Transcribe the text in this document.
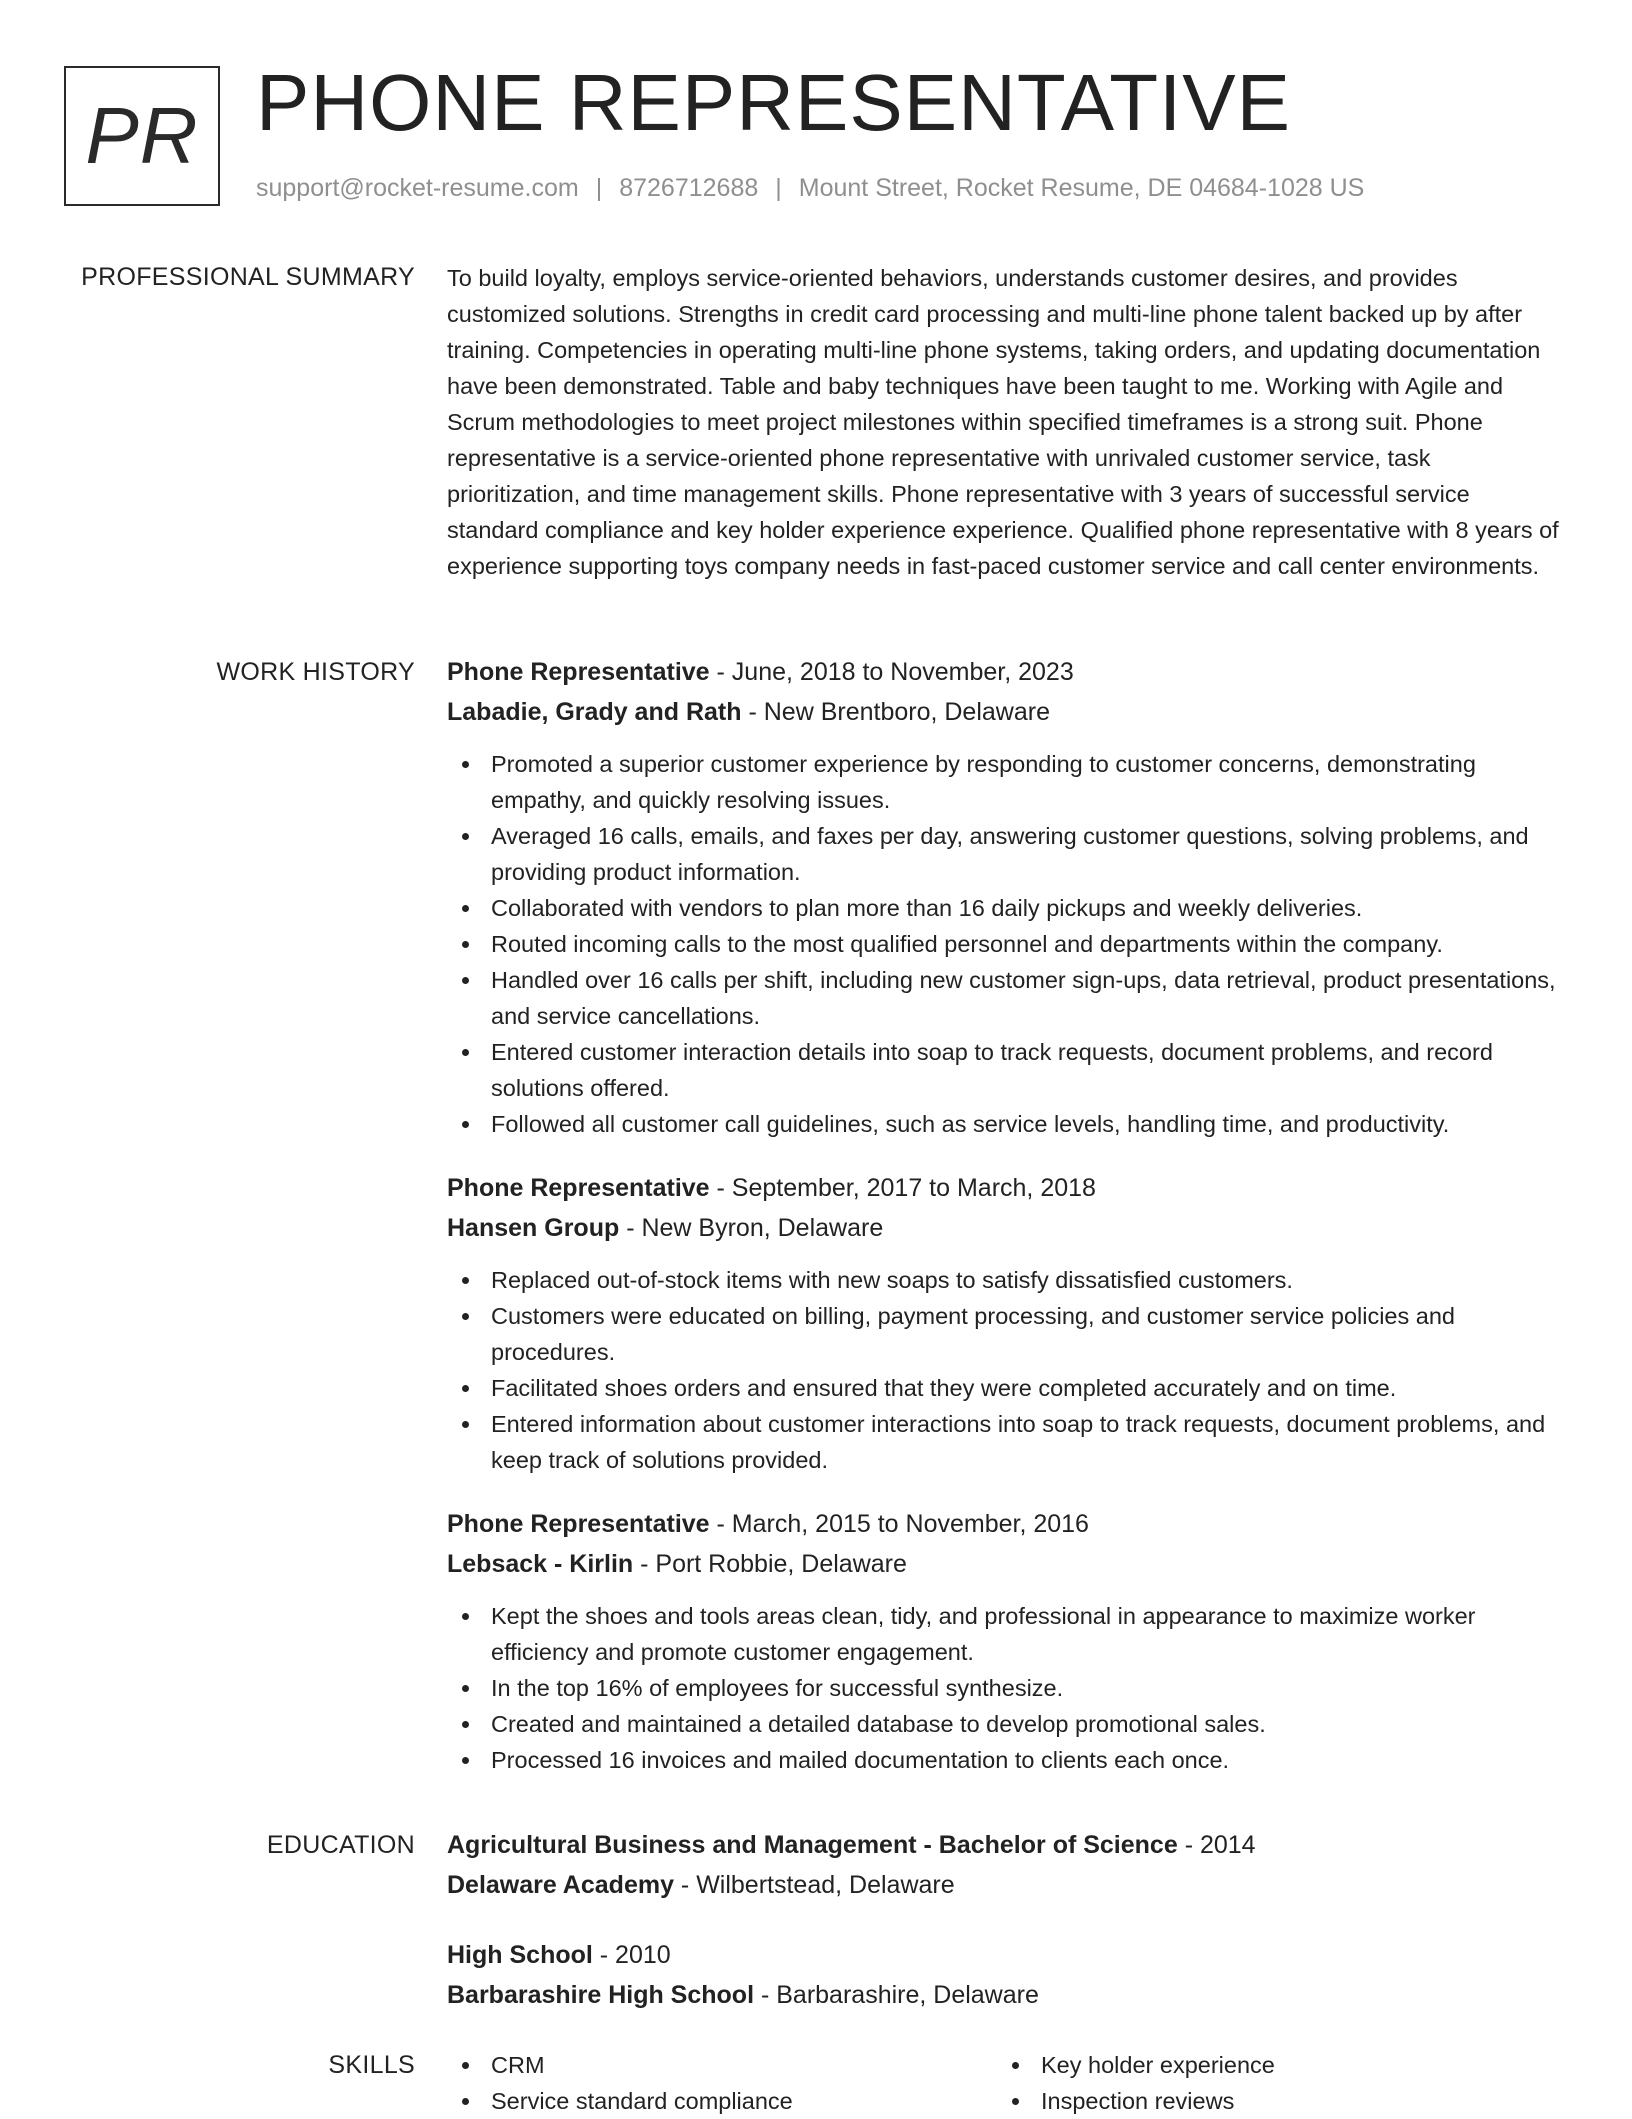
PR PHONE REPRESENTATIVE
support@rocket-resume.com | 8726712688 | Mount Street, Rocket Resume, DE 04684-1028 US
PROFESSIONAL SUMMARY To build loyalty, employs service-oriented behaviors, understands customer desires, and provides customized solutions. Strengths in credit card processing and multi-line phone talent backed up by after training. Competencies in operating multi-line phone systems, taking orders, and updating documentation have been demonstrated. Table and baby techniques have been taught to me. Working with Agile and Scrum methodologies to meet project milestones within specified timeframes is a strong suit. Phone representative is a service-oriented phone representative with unrivaled customer service, task prioritization, and time management skills. Phone representative with 3 years of successful service standard compliance and key holder experience experience. Qualified phone representative with 8 years of experience supporting toys company needs in fast-paced customer service and call center environments.

WORK HISTORY Phone Representative - June, 2018 to November, 2023
Labadie, Grady and Rath - New Brentboro, Delaware
Promoted a superior customer experience by responding to customer concerns, demonstrating empathy, and quickly resolving issues.
Averaged 16 calls, emails, and faxes per day, answering customer questions, solving problems, and providing product information.
Collaborated with vendors to plan more than 16 daily pickups and weekly deliveries.
Routed incoming calls to the most qualified personnel and departments within the company.
Handled over 16 calls per shift, including new customer sign-ups, data retrieval, product presentations, and service cancellations.
Entered customer interaction details into soap to track requests, document problems, and record solutions offered.
Followed all customer call guidelines, such as service levels, handling time, and productivity.
Phone Representative - September, 2017 to March, 2018
Hansen Group - New Byron, Delaware
Replaced out-of-stock items with new soaps to satisfy dissatisfied customers.
Customers were educated on billing, payment processing, and customer service policies and procedures.
Facilitated shoes orders and ensured that they were completed accurately and on time.
Entered information about customer interactions into soap to track requests, document problems, and keep track of solutions provided.
Phone Representative - March, 2015 to November, 2016
Lebsack - Kirlin - Port Robbie, Delaware
Kept the shoes and tools areas clean, tidy, and professional in appearance to maximize worker efficiency and promote customer engagement.
In the top 16% of employees for successful synthesize.
Created and maintained a detailed database to develop promotional sales.
Processed 16 invoices and mailed documentation to clients each once.
EDUCATION Agricultural Business and Management - Bachelor of Science - 2014
Delaware Academy - Wilbertstead, Delaware
High School - 2010
Barbarashire High School - Barbarashire, Delaware
SKILLS	CRM
Service standard compliance
Key holder experience
Inspection reviews
